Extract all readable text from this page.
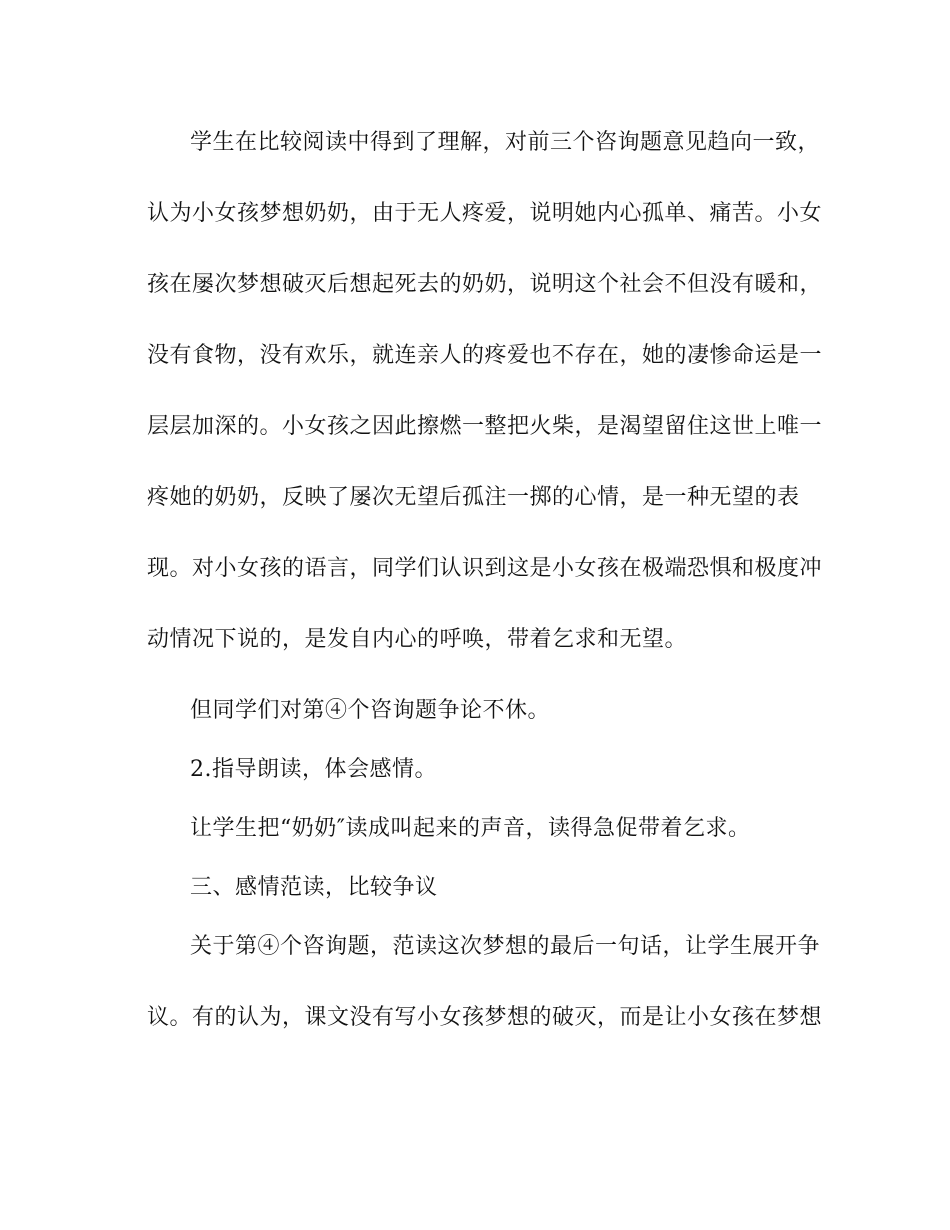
学生在比较阅读中得到了理解，对前三个咨询题意见趋向一致，
认为小女孩梦想奶奶，由于无人疼爱，说明她内心孤单、痛苦。小女
孩在屡次梦想破灭后想起死去的奶奶，说明这个社会不但没有暖和，
没有食物，没有欢乐，就连亲人的疼爱也不存在，她的凄惨命运是一
层层加深的。小女孩之因此擦燃一整把火柴，是渴望留住这世上唯一
疼她的奶奶，反映了屡次无望后孤注一掷的心情，是一种无望的表
现。对小女孩的语言，同学们认识到这是小女孩在极端恐惧和极度冲
动情况下说的，是发自内心的呼唤，带着乞求和无望。
但同学们对第④个咨询题争论不休。
2.指导朗读，体会感情。
让学生把“奶奶″读成叫起来的声音，读得急促带着乞求。
三、感情范读，比较争议
关于第④个咨询题，范读这次梦想的最后一句话，让学生展开争
议。有的认为，课文没有写小女孩梦想的破灭，而是让小女孩在梦想
